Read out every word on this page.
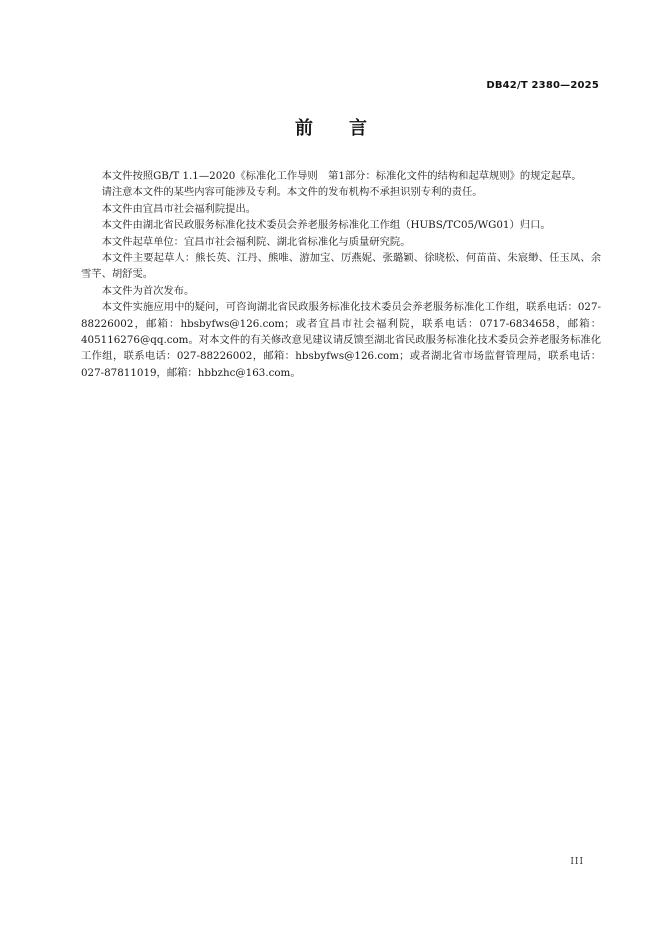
DB42/T 2380—2025
前　　言

本文件按照GB/T 1.1—2020《标准化工作导则　第1部分：标准化文件的结构和起草规则》的规定起草。

请注意本文件的某些内容可能涉及专利。本文件的发布机构不承担识别专利的责任。

本文件由宜昌市社会福利院提出。

本文件由湖北省民政服务标准化技术委员会养老服务标准化工作组（HUBS/TC05/WG01）归口。

本文件起草单位：宜昌市社会福利院、湖北省标准化与质量研究院。

本文件主要起草人：熊长英、江丹、熊唯、游加宝、厉燕妮、张璐颖、徐晓松、何苗苗、朱宸缈、任玉凤、余雪芊、胡舒雯。

本文件为首次发布。

本文件实施应用中的疑问，可咨询湖北省民政服务标准化技术委员会养老服务标准化工作组，联系电话：027-88226002，邮箱：hbsbyfws@126.com；或者宜昌市社会福利院，联系电话：0717-6834658，邮箱：405116276@qq.com。对本文件的有关修改意见建议请反馈至湖北省民政服务标准化技术委员会养老服务标准化工作组，联系电话：027-88226002，邮箱：hbsbyfws@126.com；或者湖北省市场监督管理局，联系电话：027-87811019，邮箱：hbbzhc@163.com。

III
